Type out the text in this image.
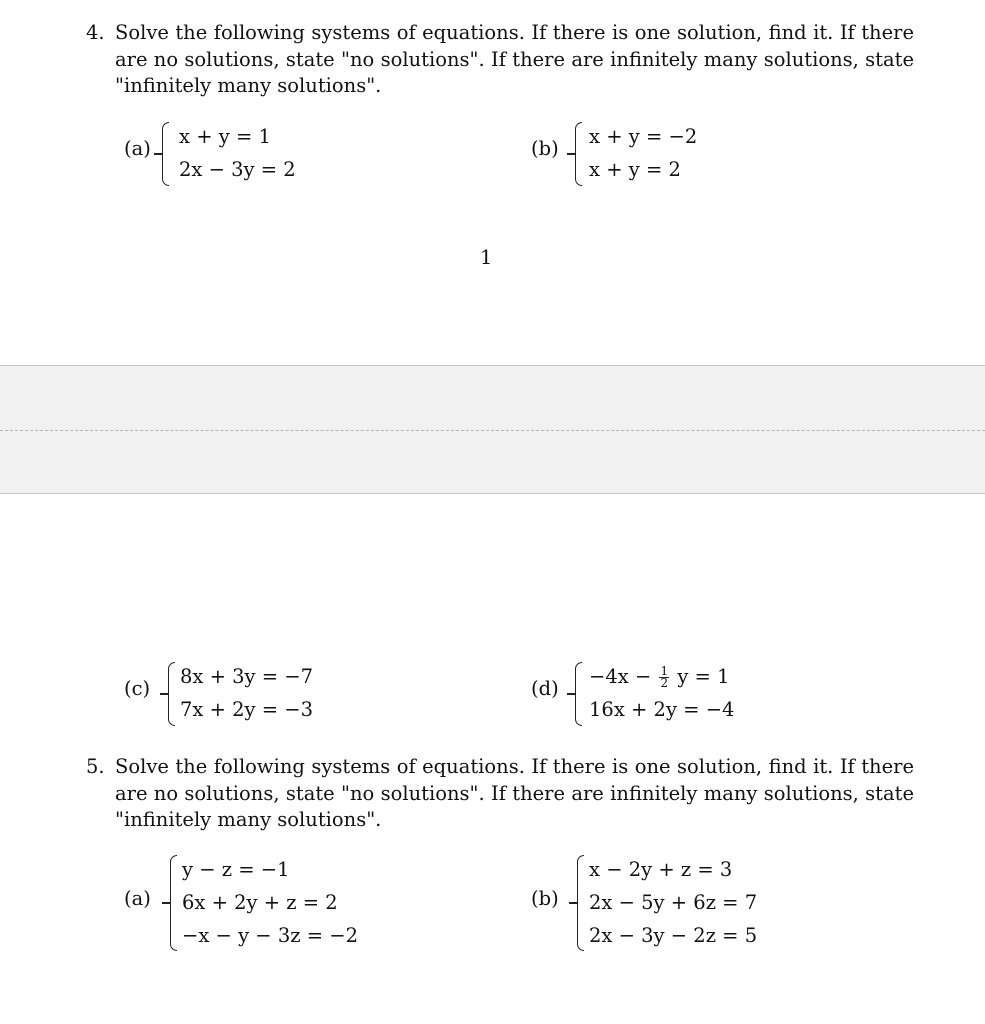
4. Solve the following systems of equations. If there is one solution, find it. If there are no solutions, state "no solutions". If there are infinitely many solutions, state "infinitely many solutions".
(a)
x + y = 1
2x − 3y = 2
(b)
x + y = −2
x + y = 2
1
(c)
8x + 3y = −7
7x + 2y = −3
(d)
$-4x - \frac{1}{2}$ y = 1
16x + 2y = −4
5. Solve the following systems of equations. If there is one solution, find it. If there are no solutions, state "no solutions". If there are infinitely many solutions, state "infinitely many solutions".
(a)
y − z = −1
6x + 2y + z = 2
−x − y − 3z = −2
(b)
x − 2y + z = 3
2x − 5y + 6z = 7
2x − 3y − 2z = 5
